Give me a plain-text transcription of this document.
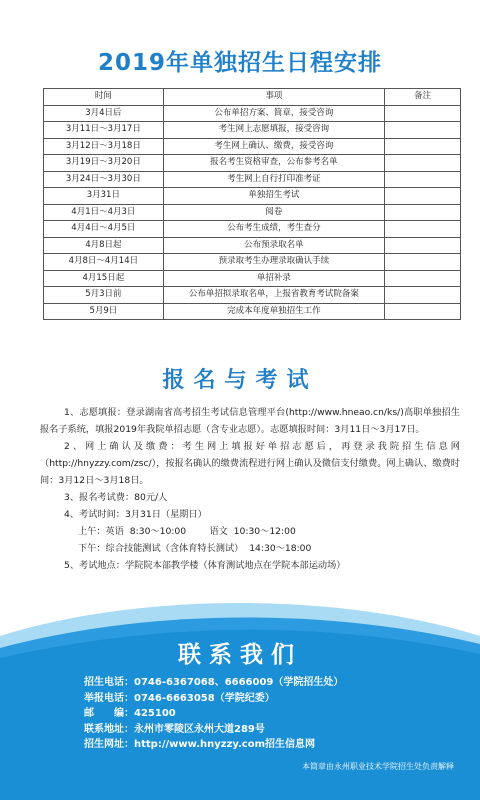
2019年单独招生日程安排
时间	事项	备注
3月4日后	公布单招方案、简章，接受咨询	
3月11日～3月17日	考生网上志愿填报，接受咨询	
3月12日～3月18日	考生网上确认、缴费，接受咨询	
3月19日～3月20日	报名考生资格审查，公布参考名单	
3月24日～3月30日	考生网上自行打印准考证	
3月31日	单独招生考试	
4月1日～4月3日	阅卷	
4月4日～4月5日	公布考生成绩，考生查分	
4月8日起	公布预录取名单	
4月8日～4月14日	预录取考生办理录取确认手续	
4月15日起	单招补录	
5月3日前	公布单招拟录取名单，上报省教育考试院备案	
5月9日	完成本年度单独招生工作	
报名与考试

1、志愿填报：登录湖南省高考招生考试信息管理平台(http://www.hneao.cn/ks/)高职单独招生报名子系统，填报2019年我院单招志愿（含专业志愿）。志愿填报时间：3月11日～3月17日。

2、网上确认及缴费：考生网上填报好单招志愿后，再登录我院招生信息网（http://hnyzzy.com/zsc/），按报名确认的缴费流程进行网上确认及微信支付缴费。网上确认、缴费时间：3月12日～3月18日。

3、报名考试费：80元/人

4、考试时间：3月31日（星期日）

上午：英语  8:30～10:00        语文  10:30～12:00

下午：综合技能测试（含体育特长测试）  14:30～18:00

5、考试地点：学院院本部教学楼（体育测试地点在学院本部运动场）

联系我们
招生电话：0746-6367068、6666009（学院招生处）
举报电话：0746-6663058（学院纪委）
邮　　编：425100
联系地址：永州市零陵区永州大道289号
招生网址：http://www.hnyzzy.com招生信息网
本简章由永州职业技术学院招生处负责解释
